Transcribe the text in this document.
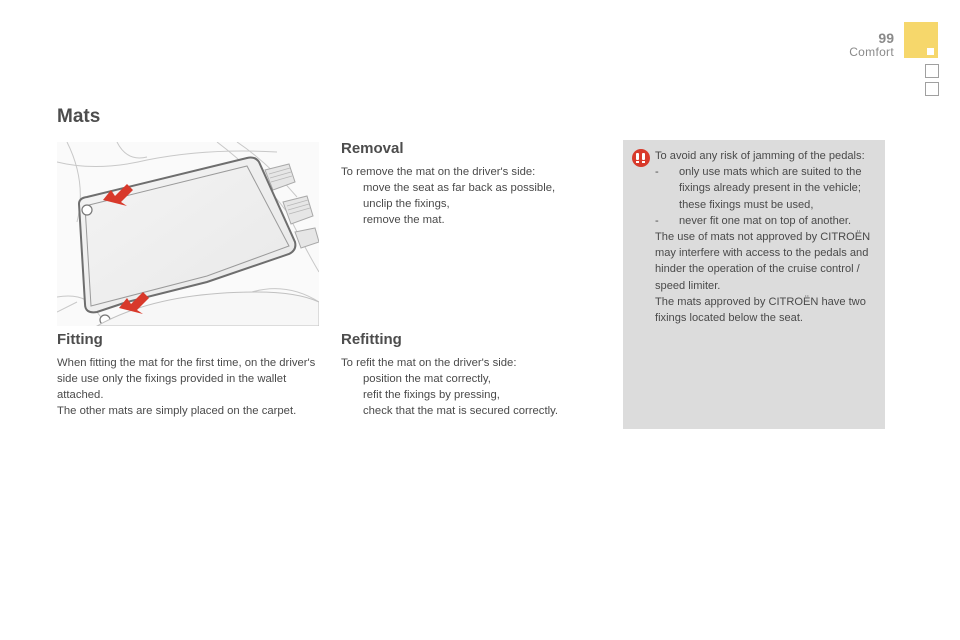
99
Comfort
Mats
Fitting

When fitting the mat for the first time, on the driver's side use only the fixings provided in the wallet attached.

The other mats are simply placed on the carpet.

Removal
To remove the mat on the driver's side:
move the seat as far back as possible,
unclip the fixings,
remove the mat.
Refitting
To refit the mat on the driver's side:
position the mat correctly,
refit the fixings by pressing,
check that the mat is secured correctly.

To avoid any risk of jamming of the pedals:

- only use mats which are suited to the fixings already present in the vehicle; these fixings must be used,

- never fit one mat on top of another.

The use of mats not approved by CITROËN may interfere with access to the pedals and hinder the operation of the cruise control / speed limiter.

The mats approved by CITROËN have two fixings located below the seat.
